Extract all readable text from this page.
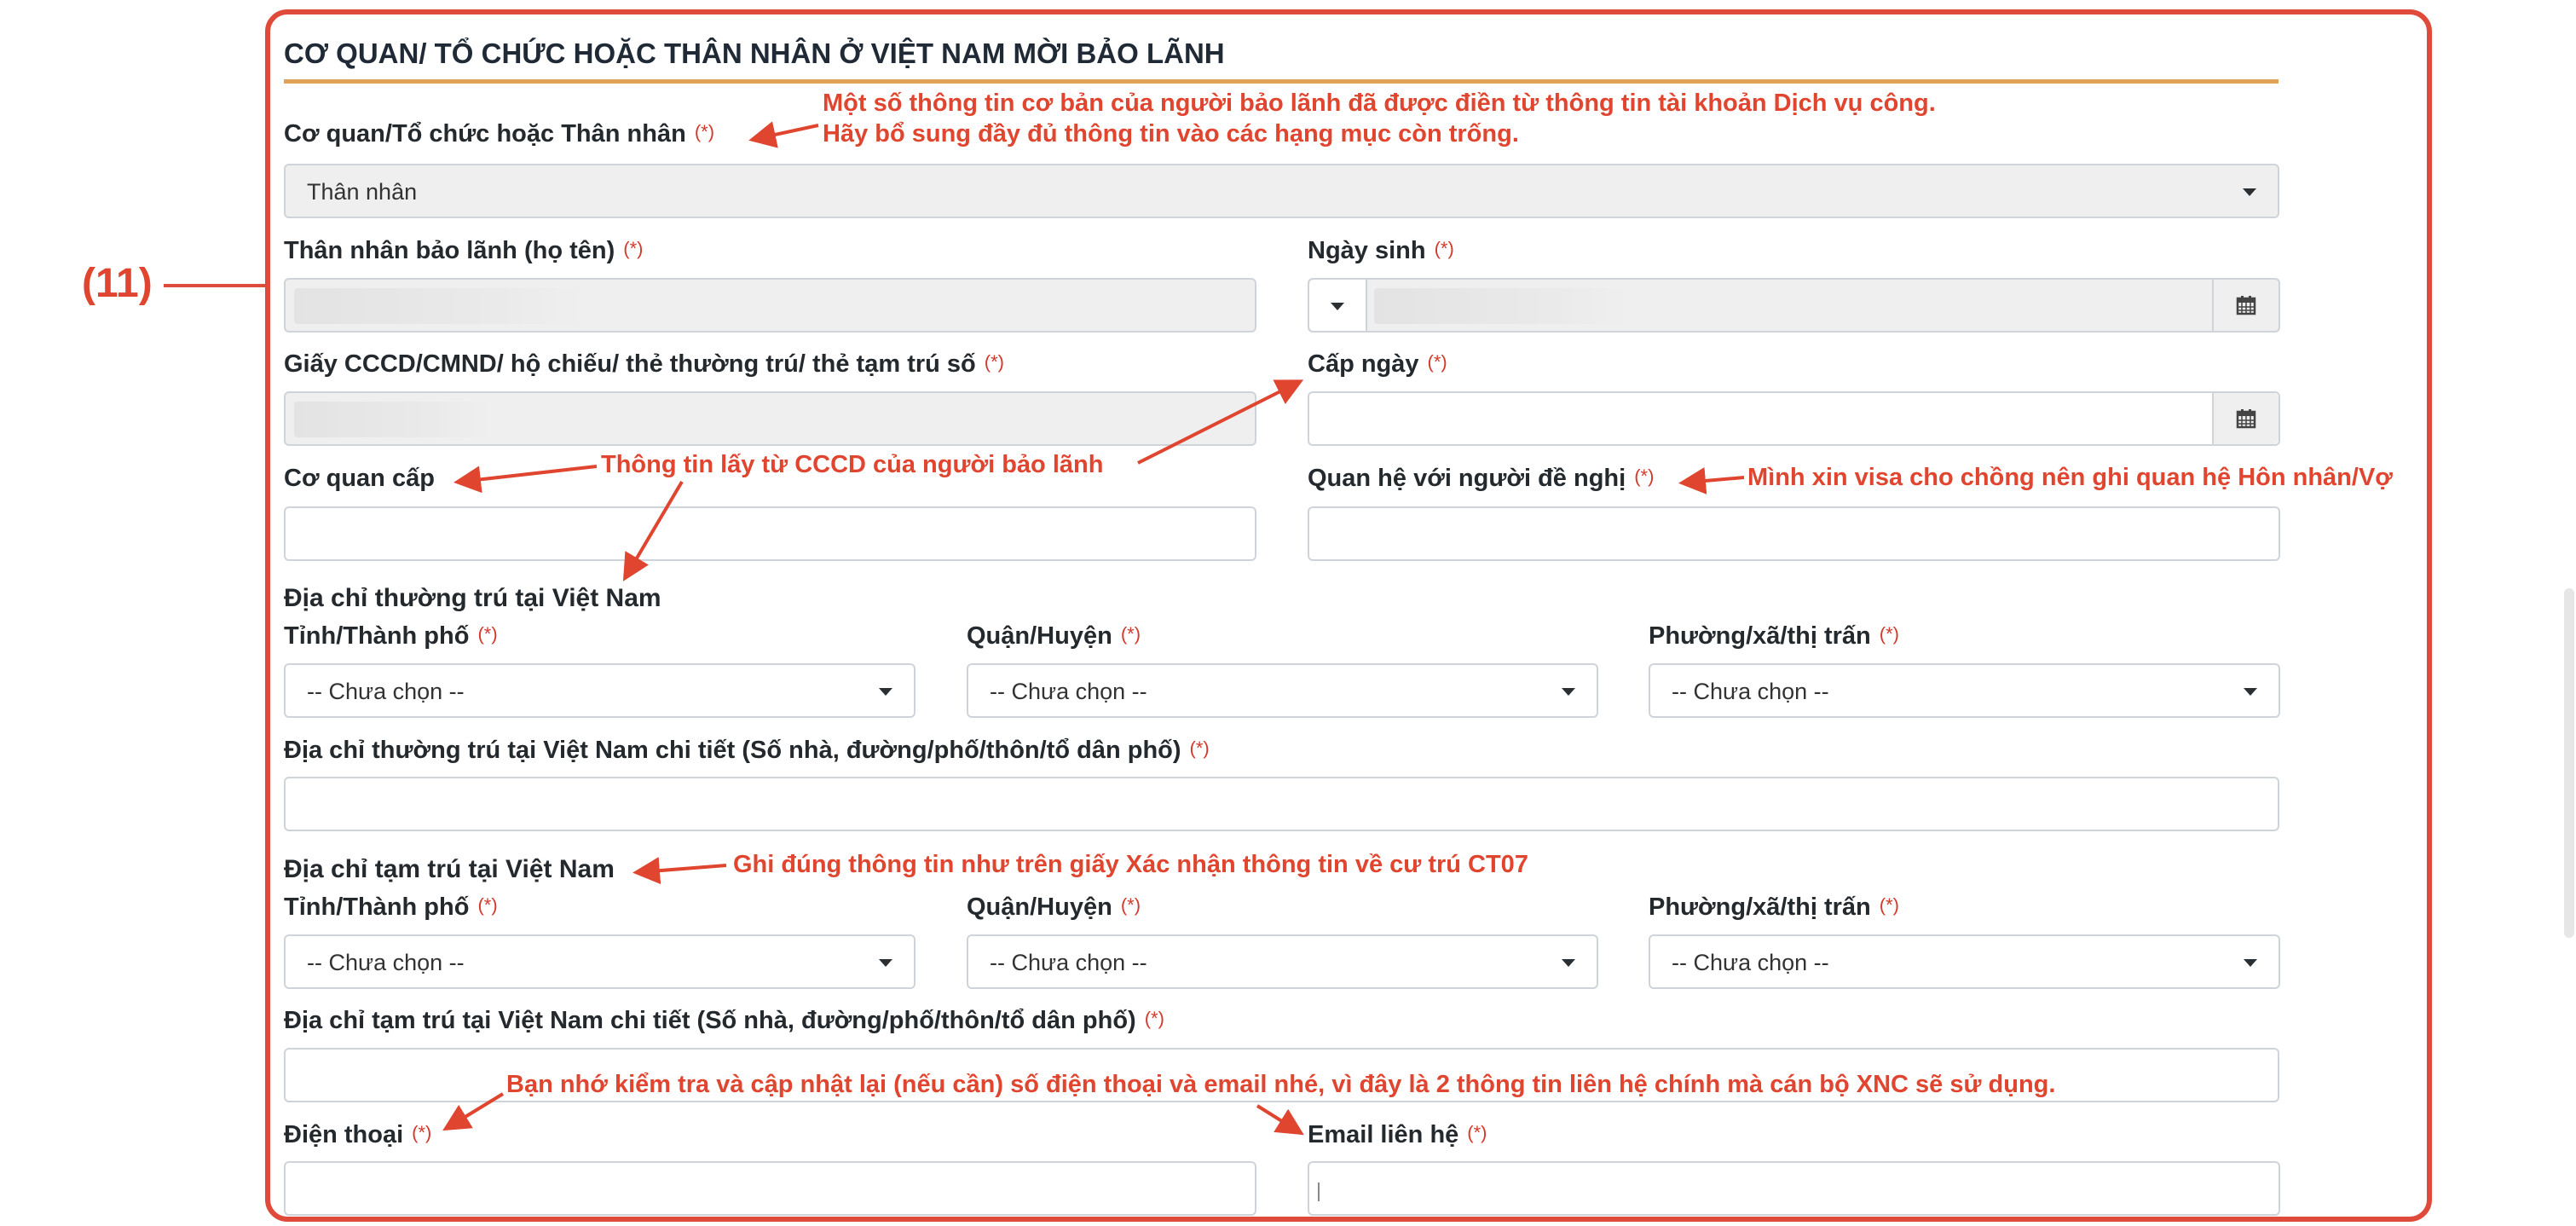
(11)
CƠ QUAN/ TỔ CHỨC HOẶC THÂN NHÂN Ở VIỆT NAM MỜI BẢO LÃNH
Cơ quan/Tổ chức hoặc Thân nhân (*)
Thân nhân
Thân nhân bảo lãnh (họ tên) (*)	Ngày sinh (*)
Giấy CCCD/CMND/ hộ chiếu/ thẻ thường trú/ thẻ tạm trú số (*)	Cấp ngày (*)
Cơ quan cấp	Quan hệ với người đề nghị (*)
Địa chỉ thường trú tại Việt Nam
Tỉnh/Thành phố (*)
-- Chưa chọn --
Quận/Huyện (*)
-- Chưa chọn --
Phường/xã/thị trấn (*)
-- Chưa chọn --
Địa chỉ thường trú tại Việt Nam chi tiết (Số nhà, đường/phố/thôn/tổ dân phố) (*)
Địa chỉ tạm trú tại Việt Nam
Tỉnh/Thành phố (*)
-- Chưa chọn --
Quận/Huyện (*)
-- Chưa chọn --
Phường/xã/thị trấn (*)
-- Chưa chọn --
Địa chỉ tạm trú tại Việt Nam chi tiết (Số nhà, đường/phố/thôn/tổ dân phố) (*)
Điện thoại (*)	Email liên hệ (*)
Một số thông tin cơ bản của người bảo lãnh đã được điền từ thông tin tài khoản Dịch vụ công.
Hãy bổ sung đầy đủ thông tin vào các hạng mục còn trống.
Thông tin lấy từ CCCD của người bảo lãnh	Mình xin visa cho chồng nên ghi quan hệ Hôn nhân/Vợ
Ghi đúng thông tin như trên giấy Xác nhận thông tin về cư trú CT07
Bạn nhớ kiểm tra và cập nhật lại (nếu cần) số điện thoại và email nhé, vì đây là 2 thông tin liên hệ chính mà cán bộ XNC sẽ sử dụng.
